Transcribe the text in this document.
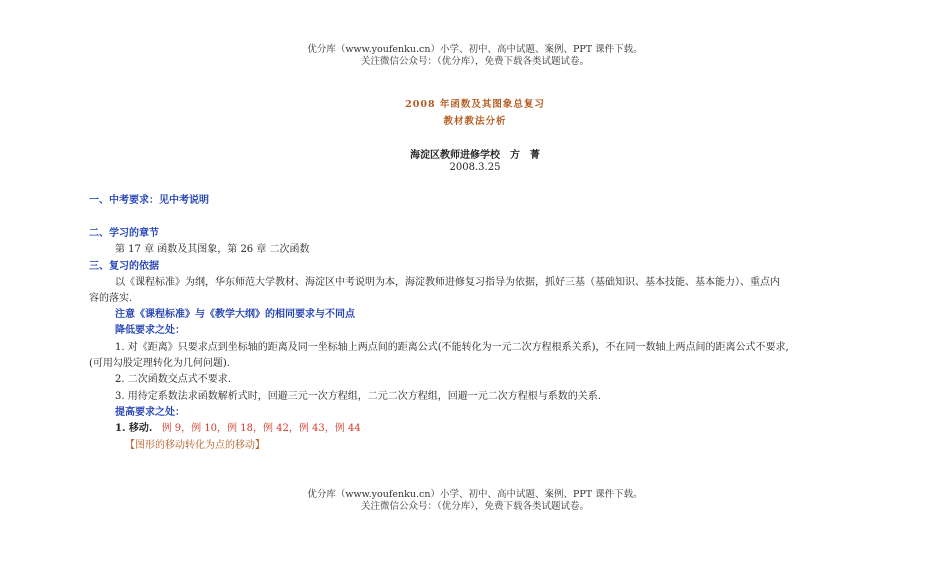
优分库（www.youfenku.cn）小学、初中、高中试题、案例、PPT 课件下载。
关注微信公众号：（优分库），免费下载各类试题试卷。
2008 年函数及其图象总复习
教材教法分析
海淀区教师进修学校　方　菁
2008.3.25
一、中考要求：见中考说明
二、学习的章节
第 17 章 函数及其图象，第 26 章 二次函数
三、复习的依据
以《课程标准》为纲，华东师范大学教材、海淀区中考说明为本，海淀教师进修复习指导为依据，抓好三基（基础知识、基本技能、基本能力）、重点内
容的落实.
注意《课程标准》与《教学大纲》的相同要求与不同点
降低要求之处：
1. 对《距离》只要求点到坐标轴的距离及同一坐标轴上两点间的距离公式(不能转化为一元二次方程根系关系)，不在同一数轴上两点间的距离公式不要求,
(可用勾股定理转化为几何问题).
2. 二次函数交点式不要求.
3. 用待定系数法求函数解析式时，回避三元一次方程组，二元二次方程组，回避一元二次方程根与系数的关系.
提高要求之处：
1. 移动. 例 9，例 10，例 18，例 42，例 43，例 44
【图形的移动转化为点的移动】
优分库（www.youfenku.cn）小学、初中、高中试题、案例、PPT 课件下载。
关注微信公众号：（优分库），免费下载各类试题试卷。
